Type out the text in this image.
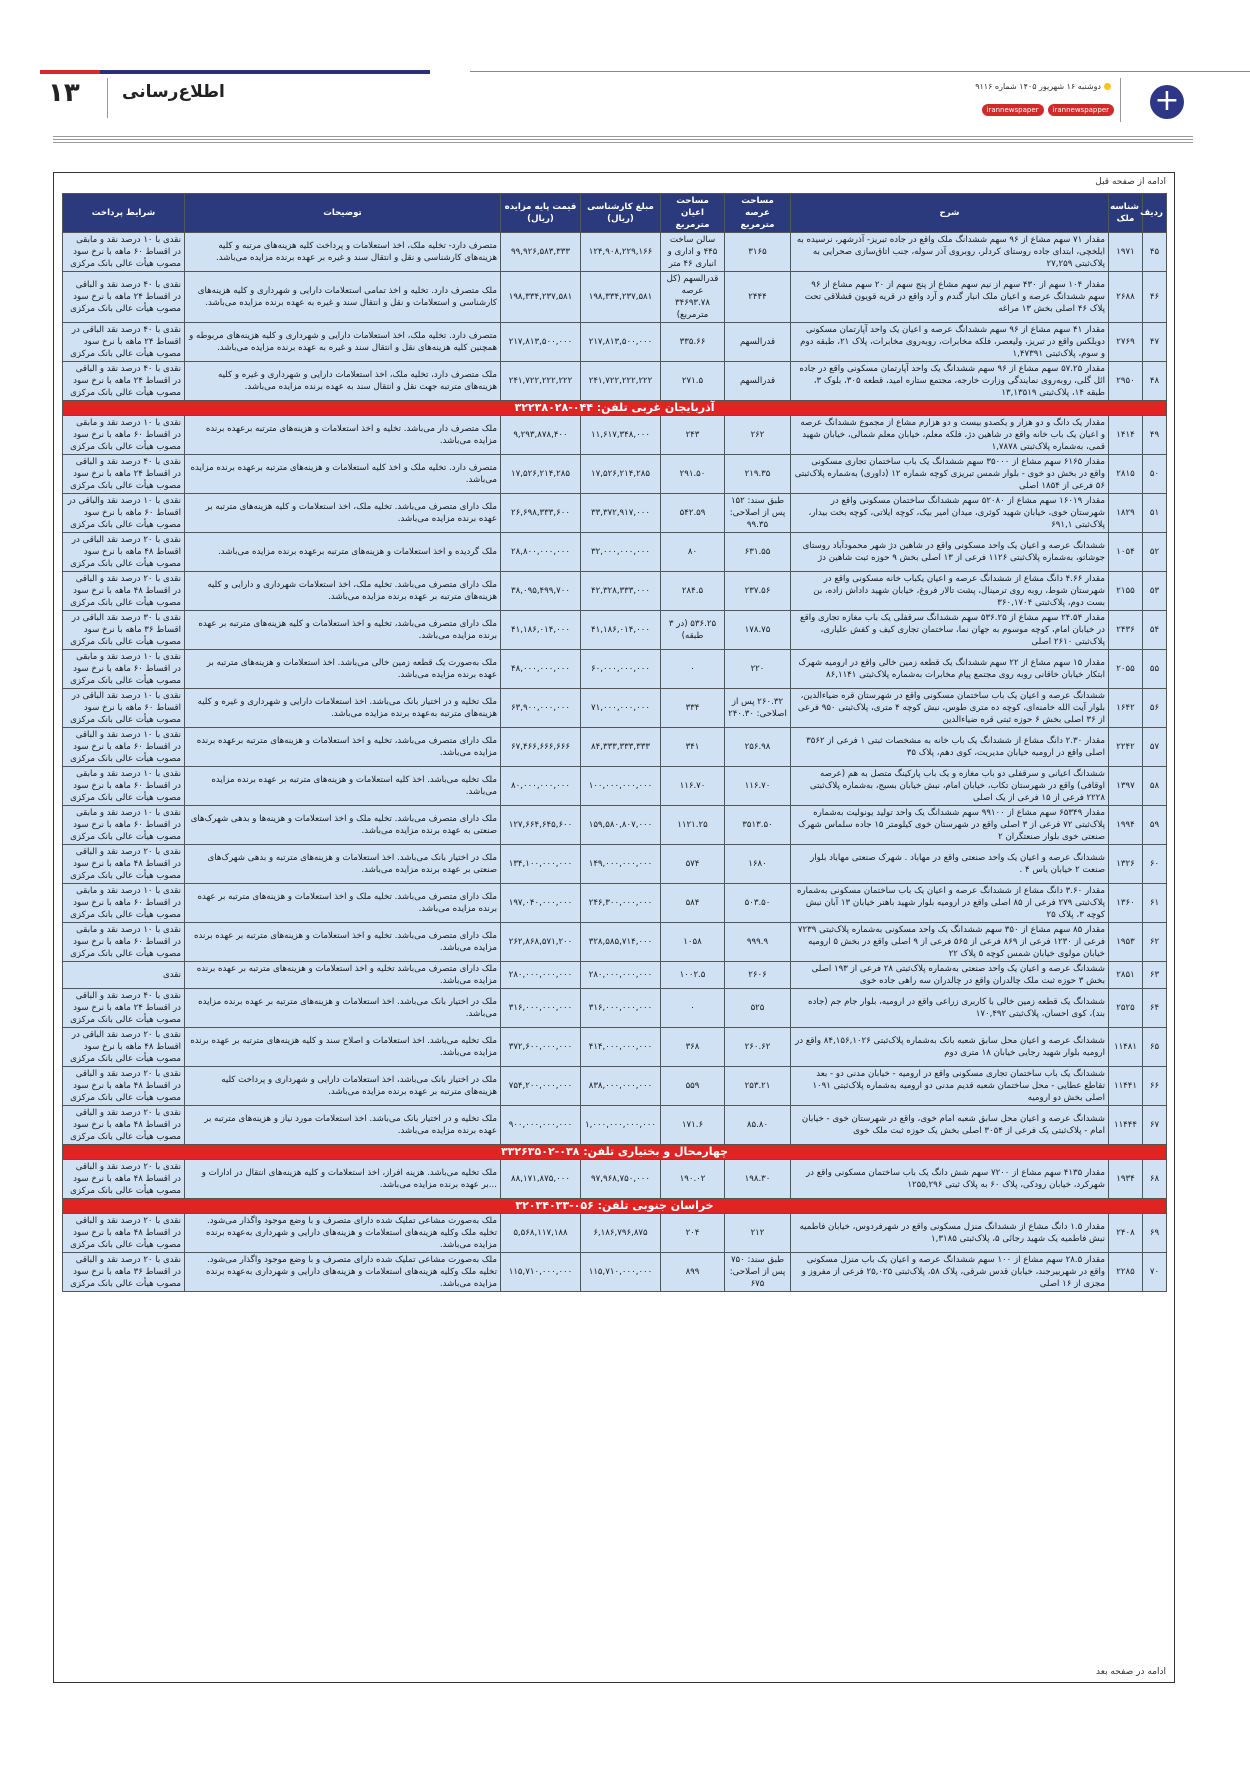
۱۳ اطلاع‌رسانی	+
دوشنبه ۱۶ شهریور ۱۴۰۵ شماره ۹۱۱۶
irannewspaper	irannewspapper
ادامه از صفحه قبل
ردیف	شناسه ملک	شرح	مساحت عرصه مترمربع	مساحت اعیان مترمربع	مبلغ کارشناسی (ریال)	قیمت پایه مزایده (ریال)	توضیحات	شرایط پرداخت
۴۵	۱۹۷۱	مقدار ۷۱ سهم مشاع از ۹۶ سهم ششدانگ ملک واقع در جاده تبریز- آذرشهر، نرسیده به ایلخچی، ابتدای جاده روستای کردلر، روبروی آذر سوله، جنب اتاق‌سازی صحرایی به پلاک‌ثبتی ۲۷,۲۵۹	۳۱۶۵	سالن ساخت ۴۴۵ و اداری و انباری ۴۶ متر	۱۲۴,۹۰۸,۲۲۹,۱۶۶	۹۹,۹۲۶,۵۸۳,۳۳۳	متصرف دارد- تخلیه ملک، اخذ استعلامات و پرداخت کلیه هزینه‌های مرتبه و کلیه هزینه‌های کارشناسی و نقل و انتقال سند و غیره بر عهده برنده مزایده می‌باشد.	نقدی با ۱۰ درصد نقد و مابقی در اقساط ۶۰ ماهه با نرخ سود مصوب هیأت عالی بانک مرکزی
۴۶	۲۶۸۸	مقدار ۱۰۴ سهم از ۴۳۰ سهم از نیم سهم مشاع از پنج سهم از ۲۰ سهم مشاع از ۹۶ سهم ششدانگ عرصه و اعیان ملک انبار گندم و آرد واقع در قریه قویون قشلاقی تحت پلاک ۴۶ اصلی بخش ۱۳ مراغه	۲۴۴۴	قدرالسهم (کل عرصه ۳۴۶۹۳.۷۸ مترمربع)	۱۹۸,۳۳۴,۲۳۷,۵۸۱	۱۹۸,۳۳۴,۲۳۷,۵۸۱	ملک متصرف دارد. تخلیه و اخذ تمامی استعلامات دارایی و شهرداری و کلیه هزینه‌های کارشناسی و استعلامات و نقل و انتقال سند و غیره به عهده برنده مزایده می‌باشد.	نقدی با ۴۰ درصد نقد و الباقی در اقساط ۲۴ ماهه با نرخ سود مصوب هیأت عالی بانک مرکزی
۴۷	۲۷۶۹	مقدار ۴۱ سهم مشاع از ۹۶ سهم ششدانگ عرصه و اعیان یک واحد آپارتمان مسکونی دوبلکس واقع در تبریز، ولیعصر، فلکه مخابرات، روبه‌روی مخابرات، پلاک ۲۱، طبقه دوم و سوم، پلاک‌ثبتی ۱,۴۷۳۹۱	قدرالسهم	۳۳۵.۶۶	۲۱۷,۸۱۳,۵۰۰,۰۰۰	۲۱۷,۸۱۳,۵۰۰,۰۰۰	متصرف دارد. تخلیه ملک، اخذ استعلامات دارایی و شهرداری و کلیه هزینه‌های مربوطه و همچنین کلیه هزینه‌های نقل و انتقال سند و غیره به عهده برنده مزایده می‌باشد.	نقدی با ۴۰ درصد نقد الباقی در اقساط ۲۴ ماهه با نرخ سود مصوب هیأت عالی بانک مرکزی
۴۸	۲۹۵۰	مقدار ۵۷.۲۵ سهم مشاع از ۹۶ سهم ششدانگ یک واحد آپارتمان مسکونی واقع در جاده ائل گلی، روبه‌روی نمایندگی وزارت خارجه، مجتمع ستاره امید، قطعه ۳۰۵، بلوک ۳، طبقه ۱۴، پلاک‌ثبتی ۱۳,۱۳۵۱۹	قدرالسهم	۲۷۱.۵	۲۴۱,۷۲۲,۲۲۲,۲۲۲	۲۴۱,۷۲۲,۲۲۲,۲۲۲	ملک متصرف دارد، تخلیه ملک، اخذ استعلامات دارایی و شهرداری و غیره و کلیه هزینه‌های مترتبه جهت نقل و انتقال سند به عهده برنده مزایده می‌باشد.	نقدی با ۴۰ درصد نقد و الباقی در اقساط ۲۴ ماهه با نرخ سود مصوب هیأت عالی بانک مرکزی
آذربایجان غربی تلفن: ۰۴۴-۳۲۲۳۸۰۲۸								
۴۹	۱۴۱۴	مقدار یک دانگ و دو هزار و یکصدو بیست و دو هزارم مشاع از مجموع ششدانگ عرصه و اعیان یک باب خانه واقع در شاهین دژ، فلکه معلم، خیابان معلم شمالی، خیابان شهید قمی، به‌شماره پلاک‌ثبتی ۱,۷۸۷۸	۲۶۲	۲۴۳	۱۱,۶۱۷,۳۴۸,۰۰۰	۹,۲۹۳,۸۷۸,۴۰۰	ملک متصرف دار می‌باشد. تخلیه و اخذ استعلامات و هزینه‌های مترتبه برعهده برنده مزایده می‌باشد.	نقدی با ۱۰ درصد نقد و مابقی در اقساط ۶۰ ماهه با نرخ سود مصوب هیأت عالی بانک مرکزی
۵۰	۲۸۱۵	مقدار ۶۱۶۵ سهم مشاع از ۳۵۰۰۰ سهم ششدانگ یک باب ساختمان تجاری مسکونی واقع در بخش دو خوی - بلوار شمس تبریزی کوچه شماره ۱۲ (داوری) به‌شماره پلاک‌ثبتی ۵۶ فرعی از ۱۸۵۴ اصلی	۲۱۹.۳۵	۲۹۱.۵۰	۱۷,۵۲۶,۲۱۴,۲۸۵	۱۷,۵۲۶,۲۱۴,۲۸۵	متصرف دارد. تخلیه ملک و اخذ کلیه استعلامات و هزینه‌های مترتبه برعهده برنده مزایده می‌باشد.	نقدی با ۴۰ درصد نقد و الباقی در اقساط ۲۴ ماهه با نرخ سود مصوب هیأت عالی بانک مرکزی
۵۱	۱۸۲۹	مقدار ۱۶۰۱۹ سهم مشاع از ۵۲۰۸۰ سهم ششدانگ ساختمان مسکونی واقع در شهرستان خوی، خیابان شهید کوثری، میدان امیر بیک، کوچه ایلاتی، کوچه بخت بیدار، پلاک‌ثبتی ۶۹۱,۱	طبق سند: ۱۵۲ پس از اصلاحی: ۹۹.۳۵	۵۴۲.۵۹	۳۳,۳۷۲,۹۱۷,۰۰۰	۲۶,۶۹۸,۳۳۳,۶۰۰	ملک دارای متصرف می‌باشد. تخلیه ملک، اخذ استعلامات و کلیه هزینه‌های مترتبه بر عهده برنده مزایده می‌باشد.	نقدی با ۱۰ درصد نقد والباقی در اقساط ۶۰ ماهه با نرخ سود مصوب هیأت عالی بانک مرکزی
۵۲	۱۰۵۴	ششدانگ عرصه و اعیان یک واحد مسکونی واقع در شاهین دژ شهر محمودآباد روستای جوشاتو، به‌شماره پلاک‌ثبتی ۱۱۲۶ فرعی از ۱۳ اصلی بخش ۹ حوزه ثبت شاهین دژ	۶۳۱.۵۵	۸۰	۳۲,۰۰۰,۰۰۰,۰۰۰	۲۸,۸۰۰,۰۰۰,۰۰۰	ملک گردیده و اخذ استعلامات و هزینه‌های مترتبه برعهده برنده مزایده می‌باشد.	نقدی با ۲۰ درصد نقد الباقی در اقساط ۴۸ ماهه با نرخ سود مصوب هیأت عالی بانک مرکزی
۵۳	۲۱۵۵	مقدار ۴.۶۶ دانگ مشاع از ششدانگ عرصه و اعیان یکباب خانه مسکونی واقع در شهرستان شوط، روبه روی ترمینال، پشت تالار فروغ، خیابان شهید داداش زاده، بن بست دوم، پلاک‌ثبتی ۳۶۰,۱۷۰۴	۲۳۷.۵۶	۲۸۴.۵	۴۲,۳۲۸,۳۳۳,۰۰۰	۳۸,۰۹۵,۴۹۹,۷۰۰	ملک دارای متصرف می‌باشد. تخلیه ملک، اخذ استعلامات شهرداری و دارایی و کلیه هزینه‌های مترتبه بر عهده برنده مزایده می‌باشد.	نقدی با ۲۰ درصد نقد و الباقی در اقساط ۴۸ ماهه با نرخ سود مصوب هیأت عالی بانک مرکزی
۵۴	۲۴۳۶	مقدار ۲۴.۵۴ سهم مشاع از ۵۳۶.۲۵ سهم ششدانگ سرقفلی یک باب مغازه تجاری واقع در خیابان امام، کوچه موسوم به جهان نما، ساختمان تجاری کیف و کفش علیاری، پلاک‌ثبتی ۲۶۱۰ اصلی	۱۷۸.۷۵	۵۳۶.۲۵ (در ۳ طبقه)	۴۱,۱۸۶,۰۱۴,۰۰۰	۴۱,۱۸۶,۰۱۴,۰۰۰	ملک دارای متصرف می‌باشد، تخلیه و اخذ استعلامات و کلیه هزینه‌های مترتبه بر عهده برنده مزایده می‌باشد.	نقدی با ۳۰ درصد نقد الباقی در اقساط ۳۶ ماهه با نرخ سود مصوب هیأت عالی بانک مرکزی
۵۵	۲۰۵۵	مقدار ۱۵ سهم مشاع از ۲۲ سهم ششدانگ یک قطعه زمین خالی واقع در ارومیه شهرک ابتکار خیابان خاقانی روبه روی مجتمع پیام مخابرات به‌شماره پلاک‌ثبتی ۸۶,۱۱۴۱	۲۲۰	۰	۶۰,۰۰۰,۰۰۰,۰۰۰	۴۸,۰۰۰,۰۰۰,۰۰۰	ملک به‌صورت یک قطعه زمین خالی می‌باشد. اخذ استعلامات و هزینه‌های مترتبه بر عهده برنده مزایده می‌باشد.	نقدی با ۱۰ درصد نقد و مابقی در اقساط ۶۰ ماهه با نرخ سود مصوب هیأت عالی بانک مرکزی
۵۶	۱۶۴۲	ششدانگ عرصه و اعیان یک باب ساختمان مسکونی واقع در شهرستان قره ضیاء‌الدین، بلوار آیت الله خامنه‌ای، کوچه ده متری طوس، نبش کوچه ۴ متری، پلاک‌ثبتی ۹۵۰ فرعی از ۳۶ اصلی بخش ۶ حوزه ثبتی قره ضیاء‌الدین	۲۶۰.۳۲ پس از اصلاحی: ۲۴۰.۳۰	۳۳۴	۷۱,۰۰۰,۰۰۰,۰۰۰	۶۳,۹۰۰,۰۰۰,۰۰۰	ملک تخلیه و در اختیار بانک می‌باشد. اخذ استعلامات دارایی و شهرداری و غیره و کلیه هزینه‌های مترتبه به‌عهده برنده مزایده می‌باشد.	نقدی با ۱۰ درصد نقد الباقی در اقساط ۶۰ ماهه با نرخ سود مصوب هیأت عالی بانک مرکزی
۵۷	۲۲۴۲	مقدار ۲.۳۰ دانگ مشاع از ششدانگ یک باب خانه به مشخصات ثبتی ۱ فرعی از ۳۵۶۲ اصلی واقع در ارومیه خیابان مدیریت، کوی دهم، پلاک ۳۵	۲۵۶.۹۸	۳۴۱	۸۴,۳۳۳,۳۳۳,۳۳۳	۶۷,۴۶۶,۶۶۶,۶۶۶	ملک دارای متصرف می‌باشد، تخلیه و اخذ استعلامات و هزینه‌های مترتبه برعهده برنده مزایده می‌باشد.	نقدی با ۱۰ درصد نقد و الباقی در اقساط ۶۰ ماهه با نرخ سود مصوب هیأت عالی بانک مرکزی
۵۸	۱۳۹۷	ششدانگ اعیانی و سرقفلی دو باب مغازه و یک باب پارکینگ متصل به هم (عرصه اوقافی) واقع در شهرستان تکاب، خیابان امام، نبش خیابان بسیج، به‌شماره پلاک‌ثبتی ۲۲۲۸ فرعی از ۱۵ فرعی از یک اصلی	۱۱۶.۷۰	۱۱۶.۷۰	۱۰۰,۰۰۰,۰۰۰,۰۰۰	۸۰,۰۰۰,۰۰۰,۰۰۰	ملک تخلیه می‌باشد. اخذ کلیه استعلامات و هزینه‌های مترتبه بر عهده برنده مزایده می‌باشد.	نقدی با ۱۰ درصد نقد و مابقی در اقساط ۶۰ ماهه با نرخ سود مصوب هیأت عالی بانک مرکزی
۵۹	۱۹۹۴	مقدار ۶۵۳۴۹ سهم مشاع از ۹۹۱۰۰ سهم ششدانگ یک واحد تولید یونولیت به‌شماره پلاک‌ثبتی ۷۲ فرعی از ۳ اصلی واقع در شهرستان خوی کیلومتر ۱۵ جاده سلماس شهرک صنعتی خوی بلوار صنعتگران ۲	۳۵۱۳.۵۰	۱۱۲۱.۲۵	۱۵۹,۵۸۰,۸۰۷,۰۰۰	۱۲۷,۶۶۴,۶۴۵,۶۰۰	ملک دارای متصرف می‌باشد. تخلیه ملک و اخذ استعلامات و هزینه‌ها و بدهی شهرک‌های صنعتی به عهده برنده مزایده می‌باشد.	نقدی با ۱۰ درصد نقد و مابقی در اقساط ۶۰ ماهه با نرخ سود مصوب هیأت عالی بانک مرکزی
۶۰	۱۳۲۶	ششدانگ عرصه و اعیان یک واحد صنعتی واقع در مهاباد . شهرک صنعتی مهاباد بلوار صنعت ۲ خیابان یاس ۴ .	۱۶۸۰	۵۷۴	۱۴۹,۰۰۰,۰۰۰,۰۰۰	۱۳۴,۱۰۰,۰۰۰,۰۰۰	ملک در اختیار بانک می‌باشد. اخذ استعلامات و هزینه‌های مترتبه و بدهی شهرک‌های صنعتی بر عهده برنده مزایده می‌باشد.	نقدی با ۲۰ درصد نقد و الباقی در اقساط ۴۸ ماهه با نرخ سود مصوب هیأت عالی بانک مرکزی
۶۱	۱۳۶۰	مقدار ۳.۶۰ دانگ مشاع از ششدانگ عرصه و اعیان یک باب ساختمان مسکونی به‌شماره پلاک‌ثبتی ۲۷۹ فرعی از ۸۵ اصلی واقع در ارومیه بلوار شهید باهنر خیابان ۱۳ آبان نبش کوچه ۳، پلاک ۲۵	۵۰۳.۵۰	۵۸۴	۲۴۶,۳۰۰,۰۰۰,۰۰۰	۱۹۷,۰۴۰,۰۰۰,۰۰۰	ملک دارای متصرف می‌باشد. تخلیه ملک و اخذ استعلامات و هزینه‌های مترتبه بر عهده برنده مزایده می‌باشد.	نقدی با ۱۰ درصد نقد و مابقی در اقساط ۶۰ ماهه با نرخ سود مصوب هیأت عالی بانک مرکزی
۶۲	۱۹۵۳	مقدار ۸۵ سهم مشاع از ۳۵۰ سهم ششدانگ یک واحد مسکونی به‌شماره پلاک‌ثبتی ۷۲۳۹ فرعی از ۱۲۳۰ فرعی از ۸۶۹ فرعی از ۵۶۵ فرعی از ۹ اصلی واقع در بخش ۵ ارومیه خیابان مولوی خیابان شمس کوچه ۵ پلاک ۲۲	۹۹۹.۹	۱۰۵۸	۳۲۸,۵۸۵,۷۱۴,۰۰۰	۲۶۲,۸۶۸,۵۷۱,۲۰۰	ملک دارای متصرف می‌باشد. تخلیه و اخذ استعلامات و هزینه‌های مترتبه بر عهده برنده مزایده می‌باشد.	نقدی با ۱۰ درصد نقد و مابقی در اقساط ۶۰ ماهه با نرخ سود مصوب هیأت عالی بانک مرکزی
۶۳	۲۸۵۱	ششدانگ عرصه و اعیان یک واحد صنعتی به‌شماره پلاک‌ثبتی ۲۸ فرعی از ۱۹۳ اصلی بخش ۳ حوزه ثبت ملک چالدران واقع در چالدران سه راهی جاده خوی	۲۶۰۶	۱۰۰۲.۵	۲۸۰,۰۰۰,۰۰۰,۰۰۰	۲۸۰,۰۰۰,۰۰۰,۰۰۰	ملک دارای متصرف می‌باشد تخلیه و اخذ استعلامات و هزینه‌های مترتبه بر عهده برنده مزایده می‌باشد.	نقدی
۶۴	۲۵۲۵	ششدانگ یک قطعه زمین خالی با کاربری زراعی واقع در ارومیه، بلوار جام جم (جاده بند)، کوی احسان، پلاک‌ثبتی ۱۷۰,۴۹۲	۵۲۵	۰	۳۱۶,۰۰۰,۰۰۰,۰۰۰	۳۱۶,۰۰۰,۰۰۰,۰۰۰	ملک در اختیار بانک می‌باشد. اخذ استعلامات و هزینه‌های مترتبه بر عهده برنده مزایده می‌باشد.	نقدی با ۴۰ درصد نقد و الباقی در اقساط ۲۴ ماهه با نرخ سود مصوب هیأت عالی بانک مرکزی
۶۵	۱۱۴۸۱	ششدانگ عرصه و اعیان محل سابق شعبه بانک به‌شماره پلاک‌ثبتی ۸۴,۱۵۶,۱۰۲۶ واقع در ارومیه بلوار شهید رجایی خیابان ۱۸ متری دوم	۲۶۰.۶۲	۳۶۸	۴۱۴,۰۰۰,۰۰۰,۰۰۰	۳۷۲,۶۰۰,۰۰۰,۰۰۰	ملک تخلیه می‌باشد. اخذ استعلامات و اصلاح سند و کلیه هزینه‌های مترتبه بر عهده برنده مزایده می‌باشد.	نقدی با ۲۰ درصد نقد الباقی در اقساط ۴۸ ماهه با نرخ سود مصوب هیأت عالی بانک مرکزی
۶۶	۱۱۴۴۱	ششدانگ یک باب ساختمان تجاری مسکونی واقع در ارومیه - خیابان مدنی دو - بعد تقاطع عطایی - محل ساختمان شعبه قدیم مدنی دو ارومیه به‌شماره پلاک‌ثبتی ۱۰۹۱ اصلی بخش دو ارومیه	۲۵۳.۲۱	۵۵۹	۸۳۸,۰۰۰,۰۰۰,۰۰۰	۷۵۴,۲۰۰,۰۰۰,۰۰۰	ملک در اختیار بانک می‌باشد، اخذ استعلامات دارایی و شهرداری و پرداخت کلیه هزینه‌های مترتبه بر عهده برنده مزایده می‌باشد.	نقدی با ۲۰ درصد نقد و الباقی در اقساط ۴۸ ماهه با نرخ سود مصوب هیأت عالی بانک مرکزی
۶۷	۱۱۴۴۴	ششدانگ عرصه و اعیان محل سابق شعبه امام خوی، واقع در شهرستان خوی - خیابان امام - پلاک‌ثبتی یک فرعی از ۳۰۵۴ اصلی بخش یک حوزه ثبت ملک خوی	۸۵.۸۰	۱۷۱.۶	۱,۰۰۰,۰۰۰,۰۰۰,۰۰۰	۹۰۰,۰۰۰,۰۰۰,۰۰۰	ملک تخلیه و در اختیار بانک می‌باشد. اخذ استعلامات مورد نیاز و هزینه‌های مترتبه بر عهده برنده مزایده می‌باشد.	نقدی با ۲۰ درصد نقد و الباقی در اقساط ۴۸ ماهه با نرخ سود مصوب هیأت عالی بانک مرکزی
چهارمحال و بختیاری تلفن: ۰۳۸-۳۳۲۶۳۵۰۲								
۶۸	۱۹۳۴	مقدار ۴۱۳۵ سهم مشاع از ۷۲۰۰ سهم شش دانگ یک باب ساختمان مسکونی واقع در شهرکرد، خیابان رودکی، پلاک ۶۰ به پلاک ثبتی ۱۲۵۵,۲۹۶	۱۹۸.۳۰	۱۹۰.۰۲	۹۷,۹۶۸,۷۵۰,۰۰۰	۸۸,۱۷۱,۸۷۵,۰۰۰	ملک تخلیه می‌باشد. هزینه افراز، اخذ استعلامات و کلیه هزینه‌های انتقال در ادارات و ...بر عهده برنده مزایده می‌باشد.	نقدی با ۲۰ درصد نقد و الباقی در اقساط ۴۸ ماهه با نرخ سود مصوب هیأت عالی بانک مرکزی
خراسان جنوبی تلفن: ۰۵۶-۳۲۰۳۴۰۳۳								
۶۹	۲۴۰۸	مقدار ۱.۵ دانگ مشاع از ششدانگ منزل مسکونی واقع در شهرفردوس، خیابان فاطمیه نبش فاطمیه یک شهید رجائی ۵، پلاک‌ثبتی ۱,۳۱۸۵	۲۱۲	۲۰۴	۶,۱۸۶,۷۹۶,۸۷۵	۵,۵۶۸,۱۱۷,۱۸۸	ملک به‌صورت مشاعی تملیک شده دارای متصرف و با وضع موجود واگذار می‌شود. تخلیه ملک وکلیه هزینه‌های استعلامات و هزینه‌های دارایی و شهرداری به‌عهده برنده مزایده می‌باشد.	نقدی با ۲۰ درصد نقد و الباقی در اقساط ۴۸ ماهه با نرخ سود مصوب هیأت عالی بانک مرکزی
۷۰	۲۲۸۵	مقدار ۲۸.۵ سهم مشاع از ۱۰۰ سهم ششدانگ عرصه و اعیان یک باب منزل مسکونی واقع در شهربیرجند، خیابان قدس شرقی، پلاک ۵۸، پلاک‌ثبتی ۲۵,۰۲۵ فرعی از مفروز و مجزی از ۱۶ اصلی	طبق سند: ۷۵۰ پس از اصلاحی: ۶۷۵	۸۹۹	۱۱۵,۷۱۰,۰۰۰,۰۰۰	۱۱۵,۷۱۰,۰۰۰,۰۰۰	ملک به‌صورت مشاعی تملیک شده دارای متصرف و با وضع موجود واگذار می‌شود. تخلیه ملک وکلیه هزینه‌های استعلامات و هزینه‌های دارایی و شهرداری به‌عهده برنده مزایده می‌باشد.	نقدی با ۲۰ درصد نقد و الباقی در اقساط ۳۶ ماهه با نرخ سود مصوب هیأت عالی بانک مرکزی
ادامه در صفحه بعد
